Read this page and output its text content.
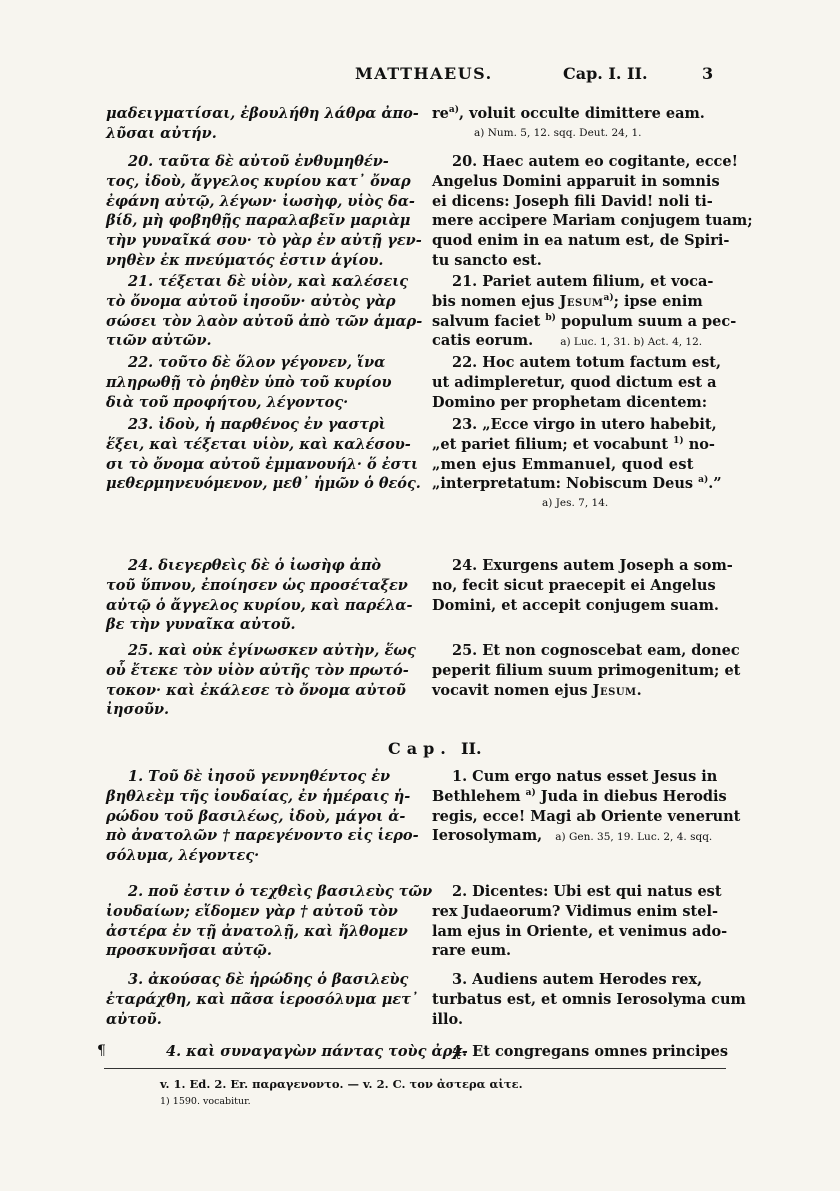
MATTHAEUS.	Cap. I. II.	3
μαδειγματίσαι, ἐβουλήθη λάθρα ἀπο-
λῦσαι αὐτήν.
20. ταῦτα δὲ αὐτοῦ ἐνθυμηθέν-
τος, ἰδοὺ, ἄγγελος κυρίου κατ᾽ ὄναρ
ἐφάνη αὐτῷ, λέγων· ἰωσὴφ, υἱὸς δα-
βίδ, μὴ φοβηθῇς παραλαβεῖν μαριὰμ
τὴν γυναῖκά σου· τὸ γὰρ ἐν αὐτῇ γεν-
νηθὲν ἐκ πνεύματός ἐστιν ἁγίου.
21. τέξεται δὲ υἱὸν, καὶ καλέσεις
τὸ ὄνομα αὐτοῦ ἰησοῦν· αὐτὸς γὰρ
σώσει τὸν λαὸν αὐτοῦ ἀπὸ τῶν ἁμαρ-
τιῶν αὐτῶν.
22. τοῦτο δὲ ὅλον γέγονεν, ἵνα
πληρωθῇ τὸ ῥηθὲν ὑπὸ τοῦ κυρίου
διὰ τοῦ προφήτου, λέγοντος·
23. ἰδοὺ, ἡ παρθένος ἐν γαστρὶ
ἕξει, καὶ τέξεται υἱὸν, καὶ καλέσου-
σι τὸ ὄνομα αὐτοῦ ἐμμανουήλ· ὅ ἐστι
μεθερμηνευόμενον, μεθ᾽ ἡμῶν ὁ θεός.
24. διεγερθεὶς δὲ ὁ ἰωσὴφ ἀπὸ
τοῦ ὕπνου, ἐποίησεν ὡς προσέταξεν
αὐτῷ ὁ ἄγγελος κυρίου, καὶ παρέλα-
βε τὴν γυναῖκα αὐτοῦ.
25. καὶ οὐκ ἐγίνωσκεν αὐτὴν, ἕως
οὗ ἔτεκε τὸν υἱὸν αὐτῆς τὸν πρωτό-
τοκον· καὶ ἐκάλεσε τὸ ὄνομα αὐτοῦ
ἰησοῦν.
Cap. II.
1. Τοῦ δὲ ἰησοῦ γεννηθέντος ἐν
βηθλεὲμ τῆς ἰουδαίας, ἐν ἡμέραις ἡ-
ρώδου τοῦ βασιλέως, ἰδοὺ, μάγοι ἀ-
πὸ ἀνατολῶν † παρεγένοντο εἰς ἱερο-
σόλυμα, λέγοντες·
2. ποῦ ἐστιν ὁ τεχθεὶς βασιλεὺς τῶν
ἰουδαίων; εἴδομεν γὰρ † αὐτοῦ τὸν
ἀστέρα ἐν τῇ ἀνατολῇ, καὶ ἤλθομεν
προσκυνῆσαι αὐτῷ.
3. ἀκούσας δὲ ἡρώδης ὁ βασιλεὺς
ἐταράχθη, καὶ πᾶσα ἱεροσόλυμα μετ᾽
αὐτοῦ.
¶	4. καὶ συναγαγὼν πάντας τοὺς ἀρχ-
$re^{a)}$, voluit occulte dimittere eam.
a) Num. 5, 12. sqq. Deut. 24, 1.
20. Haec autem eo cogitante, ecce!
Angelus Domini apparuit in somnis
ei dicens: Joseph fili David! noli ti-
mere accipere Mariam conjugem tuam;
quod enim in ea natum est, de Spiri-
tu sancto est.
21. Pariet autem filium, et voca-
bis nomen ejus Jesum$^{a)}$; ipse enim
salvum faciet $^{b)}$ populum suum a pec-
catis eorum.	a) Luc. 1, 31. b) Act. 4, 12.
22. Hoc autem totum factum est,
ut adimpleretur, quod dictum est a
Domino per prophetam dicentem:
23. „Ecce virgo in utero habebit,
„et pariet filium; et vocabunt $^{1)}$ no-
„men ejus Emmanuel, quod est
„interpretatum: Nobiscum Deus $^{a)}$.”
a) Jes. 7, 14.
24. Exurgens autem Joseph a som-
no, fecit sicut praecepit ei Angelus
Domini, et accepit conjugem suam.
25. Et non cognoscebat eam, donec
peperit filium suum primogenitum; et
vocavit nomen ejus Jesum.
1. Cum ergo natus esset Jesus in
Bethlehem $^{a)}$ Juda in diebus Herodis
regis, ecce! Magi ab Oriente venerunt
Ierosolymam, a) Gen. 35, 19. Luc. 2, 4. sqq.
2. Dicentes: Ubi est qui natus est
rex Judaeorum? Vidimus enim stel-
lam ejus in Oriente, et venimus ado-
rare eum.
3. Audiens autem Herodes rex,
turbatus est, et omnis Ierosolyma cum
illo.
4. Et congregans omnes principes
v. 1. Ed. 2. Er. παραγενοντο. — v. 2. C. τον ἀστερα αἰτε.
1) 1590. vocabitur.
